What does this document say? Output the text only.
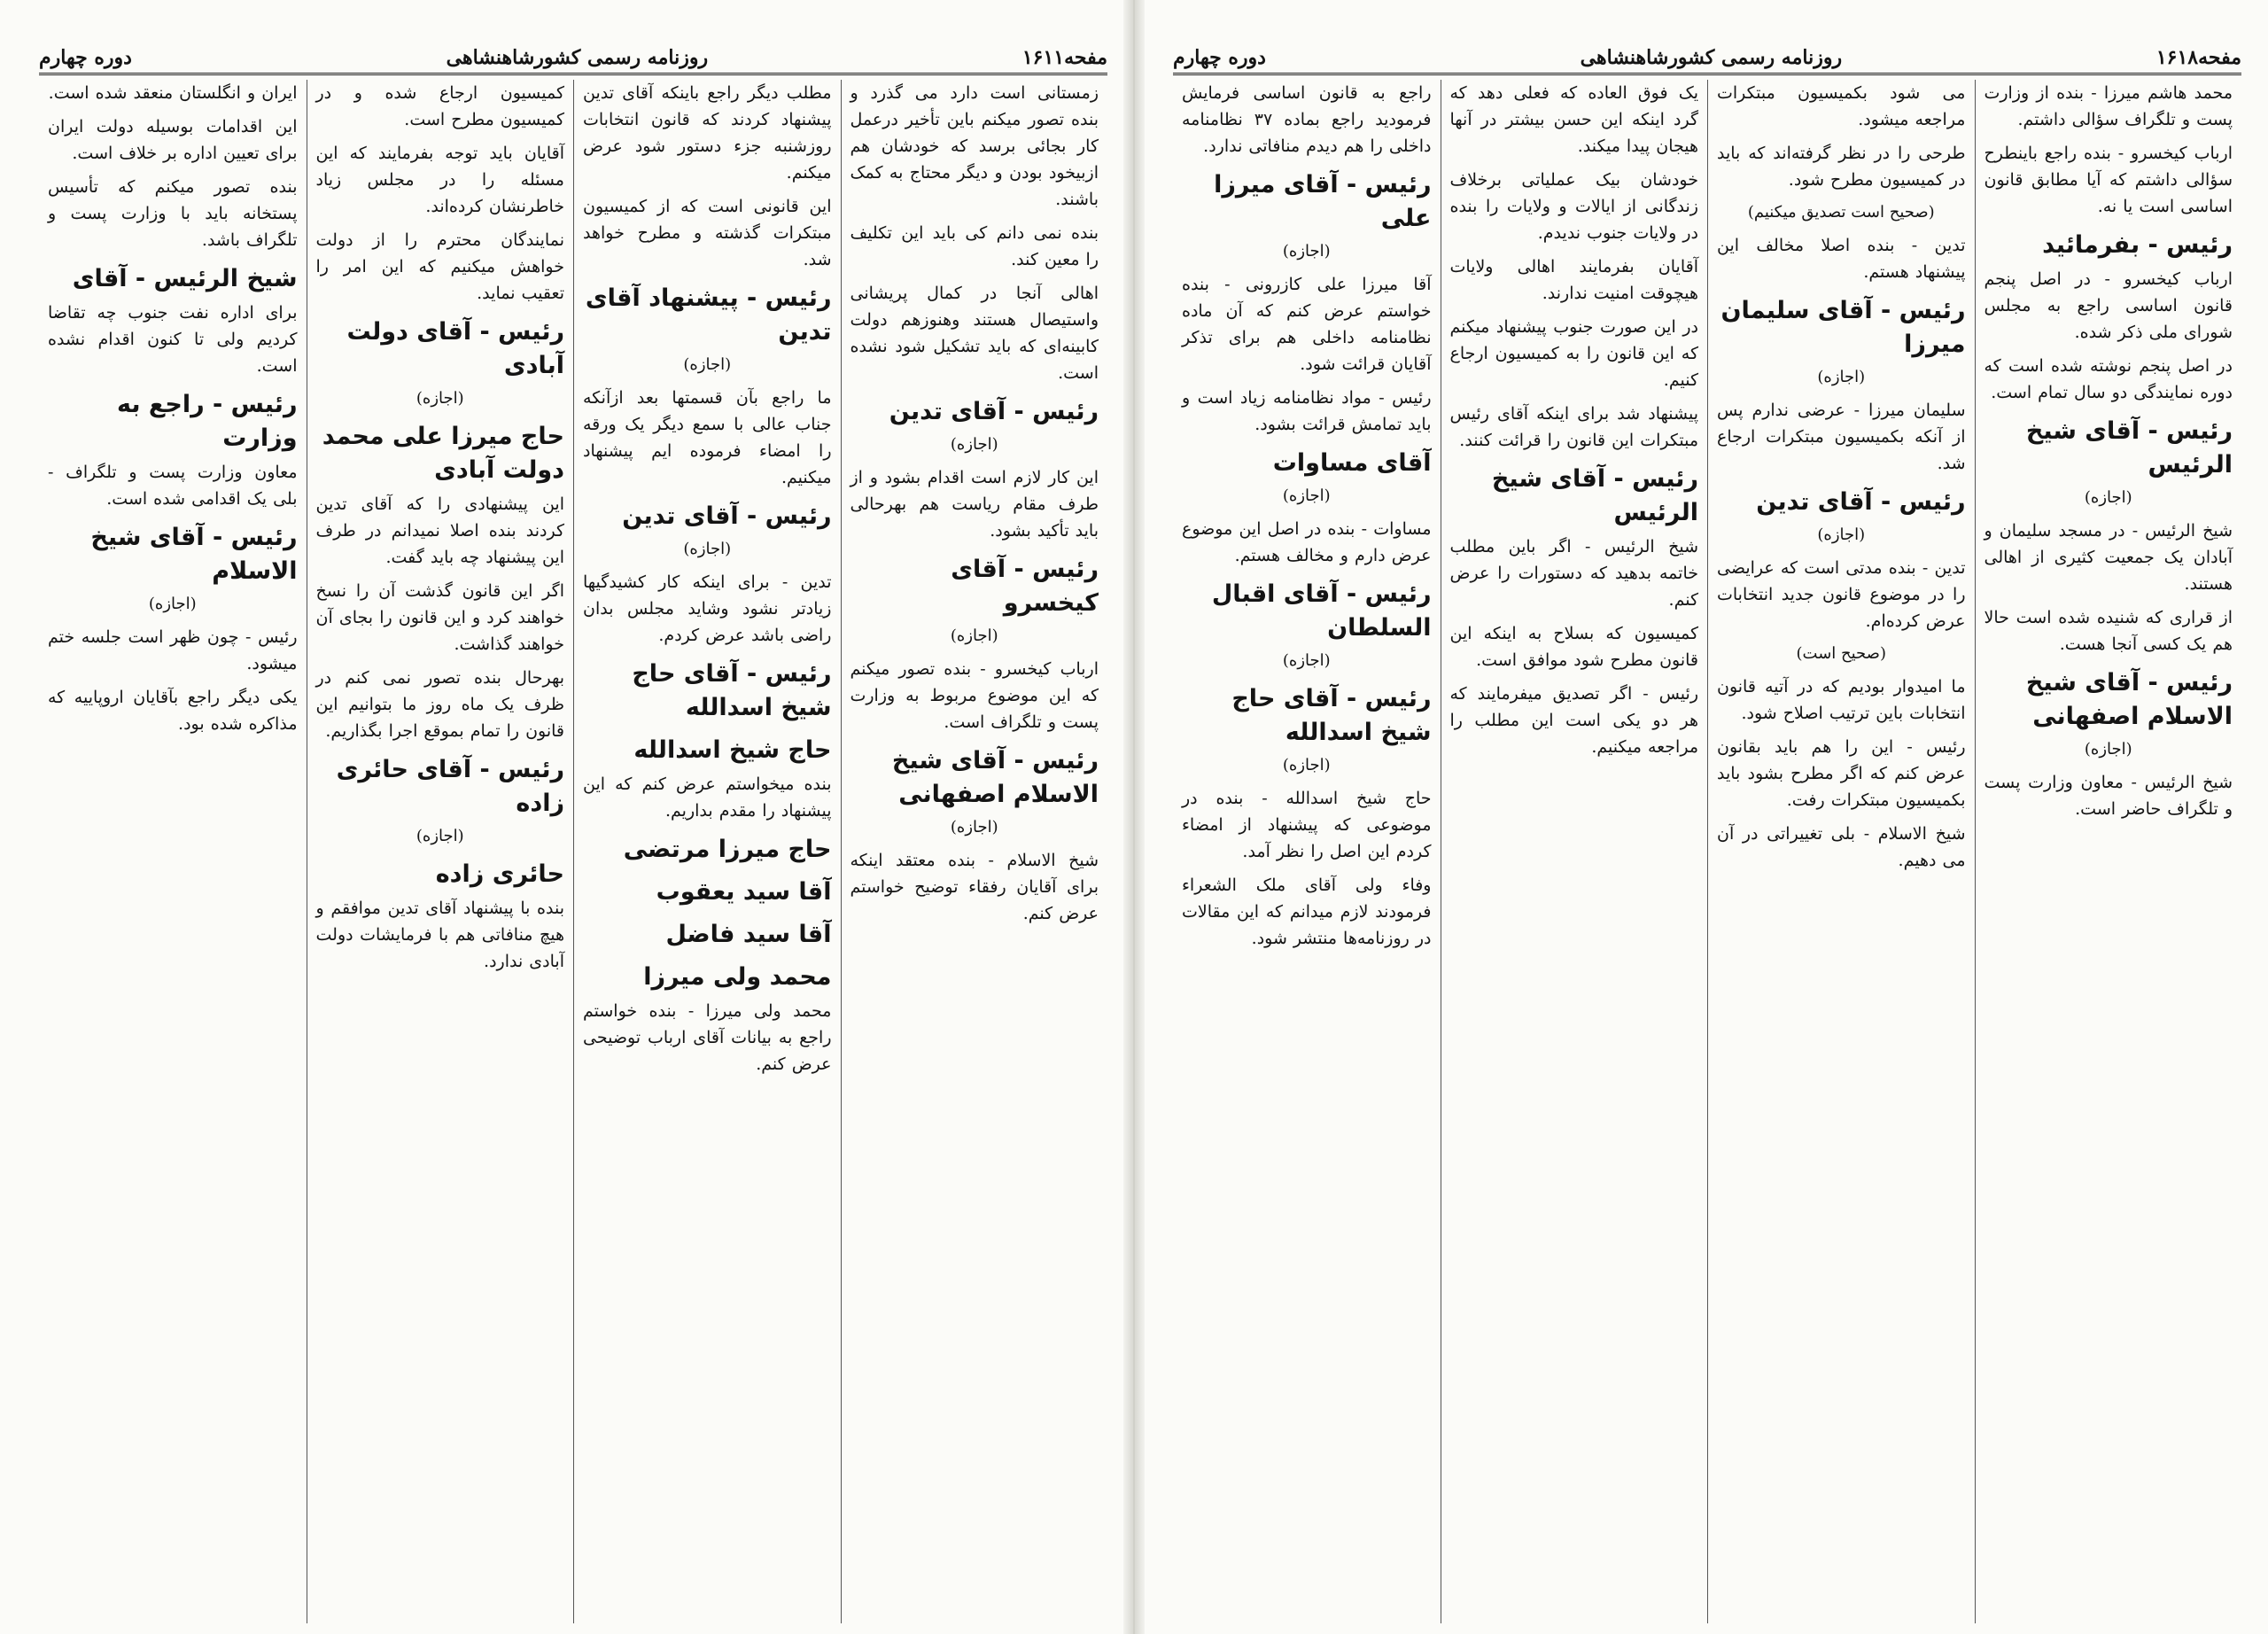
مفحه۱۶۱۱
روزنامه رسمی کشورشاهنشاهی
دوره چهارم
زمستانی است دارد می گذرد و بنده تصور میکنم باین تأخیر درعمل کار بجائی برسد که خودشان هم ازبیخود بودن و دیگر محتاج به کمک باشند.
بنده نمی دانم کی باید این تکلیف را معین کند.
اهالی آنجا در کمال پریشانی واستیصال هستند وهنوزهم دولت کابینه‌ای که باید تشکیل شود نشده است.
رئیس - آقای تدین
(اجازه)
این کار لازم است اقدام بشود و از طرف مقام ریاست هم بهرحالی باید تأکید بشود.
رئیس - آقای کیخسرو
(اجازه)
ارباب کیخسرو - بنده تصور میکنم که این موضوع مربوط به وزارت پست و تلگراف است.
رئیس - آقای شیخ الاسلام اصفهانی
(اجازه)
شیخ الاسلام - بنده معتقد اینکه برای آقایان رفقاء توضیح خواستم عرض کنم.
مطلب دیگر راجع باینکه آقای تدین پیشنهاد کردند که قانون انتخابات روزشنبه جزء دستور شود عرض میکنم.
این قانونی است که از کمیسیون مبتکرات گذشته و مطرح خواهد شد.
رئیس - پیشنهاد آقای تدین
(اجازه)
ما راجع بآن قسمتها بعد ازآنکه جناب عالی با سمع دیگر یک ورقه را امضاء فرموده ایم پیشنهاد میکنیم.
رئیس - آقای تدین
(اجازه)
تدین - برای اینکه کار کشیدگیها زیادتر نشود وشاید مجلس بدان راضی باشد عرض کردم.
رئیس - آقای حاج شیخ اسدالله
حاج شیخ اسدالله
بنده میخواستم عرض کنم که این پیشنهاد را مقدم بداریم.
حاج میرزا مرتضی
آقا سید یعقوب
آقا سید فاضل
محمد ولی میرزا
محمد ولی میرزا - بنده خواستم راجع به بیانات آقای ارباب توضیحی عرض کنم.
کمیسیون ارجاع شده و در کمیسیون مطرح است.
آقایان باید توجه بفرمایند که این مسئله را در مجلس زیاد خاطرنشان کرده‌اند.
نمایندگان محترم را از دولت خواهش میکنیم که این امر را تعقیب نماید.
رئیس - آقای دولت آبادی
(اجازه)
حاج میرزا علی محمد دولت آبادی
این پیشنهادی را که آقای تدین کردند بنده اصلا نمیدانم در طرف این پیشنهاد چه باید گفت.
اگر این قانون گذشت آن را نسخ خواهند کرد و این قانون را بجای آن خواهند گذاشت.
بهرحال بنده تصور نمی کنم در ظرف یک ماه روز ما بتوانیم این قانون را تمام بموقع اجرا بگذاریم.
رئیس - آقای حائری زاده
(اجازه)
حائری زاده
بنده با پیشنهاد آقای تدین موافقم و هیچ منافاتی هم با فرمایشات دولت آبادی ندارد.
ایران و انگلستان منعقد شده است.
این اقدامات بوسیله دولت ایران برای تعیین اداره بر خلاف است.
بنده تصور میکنم که تأسیس پستخانه باید با وزارت پست و تلگراف باشد.
شیخ الرئیس - آقای
برای اداره نفت جنوب چه تقاضا کردیم ولی تا کنون اقدام نشده است.
رئیس - راجع به وزارت
معاون وزارت پست و تلگراف - بلی یک اقدامی شده است.
رئیس - آقای شیخ الاسلام
(اجازه)
رئیس - چون ظهر است جلسه ختم میشود.
یکی دیگر راجع بآقایان اروپاییه که مذاکره شده بود.
مفحه۱۶۱۸
روزنامه رسمی کشورشاهنشاهی
دوره چهارم
محمد هاشم میرزا - بنده از وزارت پست و تلگراف سؤالی داشتم.
ارباب کیخسرو - بنده راجع باینطرح سؤالی داشتم که آیا مطابق قانون اساسی است یا نه.
رئیس - بفرمائید
ارباب کیخسرو - در اصل پنجم قانون اساسی راجع به مجلس شورای ملی ذکر شده.
در اصل پنجم نوشته شده است که دوره نمایندگی دو سال تمام است.
رئیس - آقای شیخ الرئیس
(اجازه)
شیخ الرئیس - در مسجد سلیمان و آبادان یک جمعیت کثیری از اهالی هستند.
از قراری که شنیده شده است حالا هم یک کسی آنجا هست.
رئیس - آقای شیخ الاسلام اصفهانی
(اجازه)
شیخ الرئیس - معاون وزارت پست و تلگراف حاضر است.
می شود بکمیسیون مبتکرات مراجعه میشود.
طرحی را در نظر گرفته‌اند که باید در کمیسیون مطرح شود.
(صحیح است تصدیق میکنیم)
تدین - بنده اصلا مخالف این پیشنهاد هستم.
رئیس - آقای سلیمان میرزا
(اجازه)
سلیمان میرزا - عرضی ندارم پس از آنکه بکمیسیون مبتکرات ارجاع شد.
رئیس - آقای تدین
(اجازه)
تدین - بنده مدتی است که عرایضی را در موضوع قانون جدید انتخابات عرض کرده‌ام.
(صحیح است)
ما امیدوار بودیم که در آتیه قانون انتخابات باین ترتیب اصلاح شود.
رئیس - این را هم باید بقانون عرض کنم که اگر مطرح بشود باید بکمیسیون مبتکرات رفت.
شیخ الاسلام - بلی تغییراتی در آن می دهیم.
یک فوق العاده که فعلی دهد که گرد اینکه این حسن بیشتر در آنها هیجان پیدا میکند.
خودشان بیک عملیاتی برخلاف زندگانی از ایالات و ولایات را بنده در ولایات جنوب ندیدم.
آقایان بفرمایند اهالی ولایات هیچوقت امنیت ندارند.
در این صورت جنوب پیشنهاد میکنم که این قانون را به کمیسیون ارجاع کنیم.
پیشنهاد شد برای اینکه آقای رئیس مبتکرات این قانون را قرائت کنند.
رئیس - آقای شیخ الرئیس
شیخ الرئیس - اگر باین مطلب خاتمه بدهید که دستورات را عرض کنم.
کمیسیون که بسلاح به اینکه این قانون مطرح شود موافق است.
رئیس - اگر تصدیق میفرمایند که هر دو یکی است این مطلب را مراجعه میکنیم.
راجع به قانون اساسی فرمایش فرمودید راجع بماده ۳۷ نظامنامه داخلی را هم دیدم منافاتی ندارد.
رئیس - آقای میرزا علی
(اجازه)
آقا میرزا علی کازرونی - بنده خواستم عرض کنم که آن ماده نظامنامه داخلی هم برای تذکر آقایان قرائت شود.
رئیس - مواد نظامنامه زیاد است و باید تمامش قرائت بشود.
آقای مساوات
(اجازه)
مساوات - بنده در اصل این موضوع عرض دارم و مخالف هستم.
رئیس - آقای اقبال السلطان
(اجازه)
رئیس - آقای حاج شیخ اسدالله
(اجازه)
حاج شیخ اسدالله - بنده در موضوعی که پیشنهاد از امضاء کردم این اصل را نظر آمد.
وفاء ولی آقای ملک الشعراء فرمودند لازم میدانم که این مقالات در روزنامه‌ها منتشر شود.
